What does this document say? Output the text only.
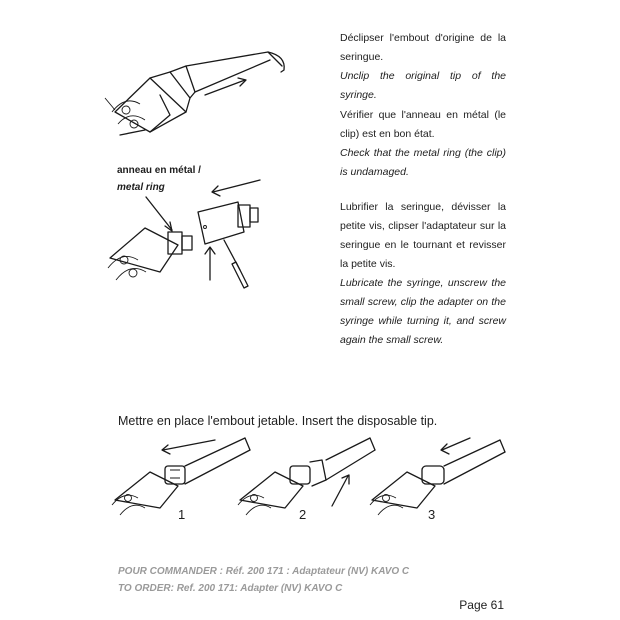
Déclipser l'embout d'origine de la seringue.
Unclip the original tip of the syringe.
Vérifier que l'anneau en métal (le clip) est en bon état.
Check that the metal ring (the clip) is undamaged.
Lubrifier la seringue, dévisser la petite vis, clipser l'adaptateur sur la seringue en le tournant et revisser la petite vis.
Lubricate the syringe, unscrew the small screw, clip the adapter on the syringe while turning it, and screw again the small screw.
anneau en métal /
metal ring
Mettre en place l'embout jetable. Insert the disposable tip.
1	2	3
POUR COMMANDER : Réf. 200 171 : Adaptateur (NV) KAVO C
TO ORDER: Ref. 200 171: Adapter (NV) KAVO C
Page 61
